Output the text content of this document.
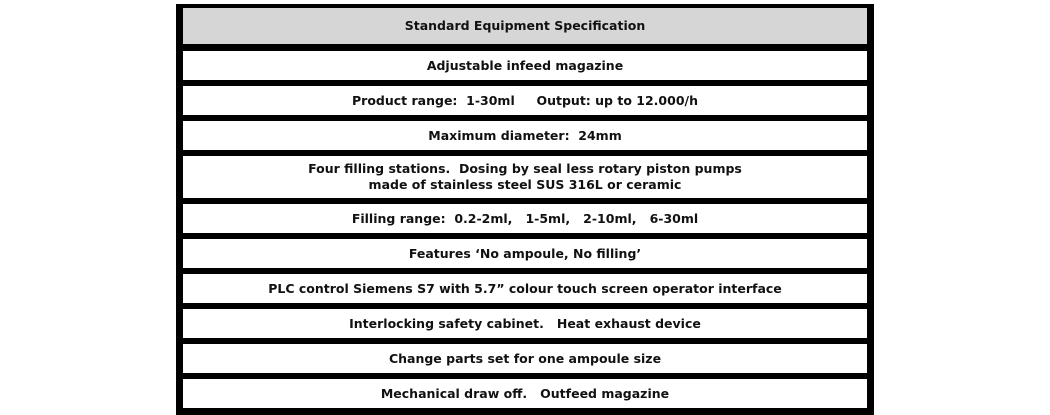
Standard Equipment Specification
Adjustable infeed magazine
Product range:  1-30ml     Output: up to 12.000/h
Maximum diameter:  24mm
Four filling stations.  Dosing by seal less rotary piston pumps
made of stainless steel SUS 316L or ceramic
Filling range:  0.2-2ml,   1-5ml,   2-10ml,   6-30ml
Features ‘No ampoule, No filling’
PLC control Siemens S7 with 5.7” colour touch screen operator interface
Interlocking safety cabinet.   Heat exhaust device
Change parts set for one ampoule size
Mechanical draw off.   Outfeed magazine
